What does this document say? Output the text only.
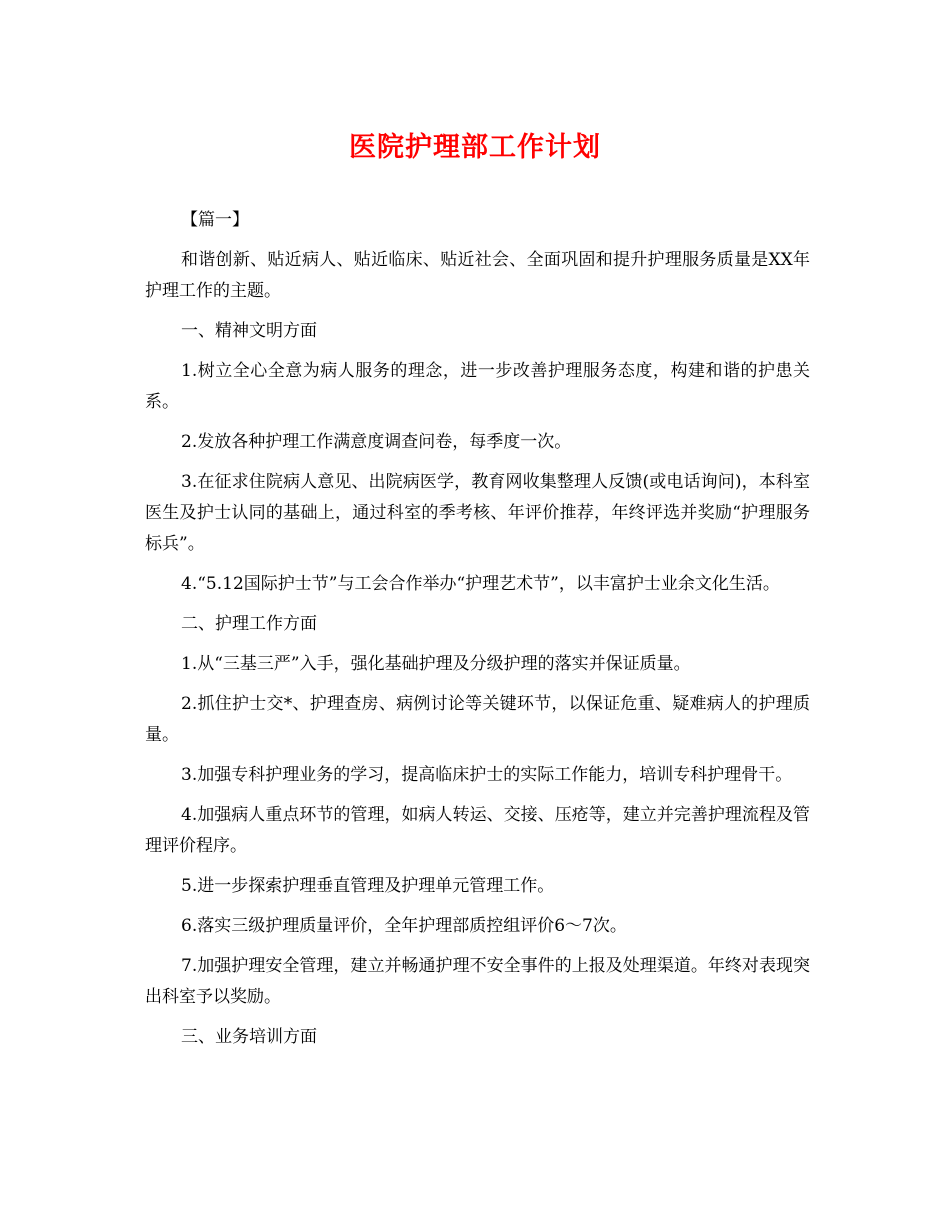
医院护理部工作计划

【篇一】

和谐创新、贴近病人、贴近临床、贴近社会、全面巩固和提升护理服务质量是XX年护理工作的主题。

一、精神文明方面

1.树立全心全意为病人服务的理念，进一步改善护理服务态度，构建和谐的护患关系。

2.发放各种护理工作满意度调查问卷，每季度一次。

3.在征求住院病人意见、出院病医学，教育网收集整理人反馈(或电话询问)，本科室医生及护士认同的基础上，通过科室的季考核、年评价推荐，年终评选并奖励“护理服务标兵”。

4.“5.12国际护士节”与工会合作举办“护理艺术节”，以丰富护士业余文化生活。

二、护理工作方面

1.从“三基三严”入手，强化基础护理及分级护理的落实并保证质量。

2.抓住护士交*、护理查房、病例讨论等关键环节，以保证危重、疑难病人的护理质量。

3.加强专科护理业务的学习，提高临床护士的实际工作能力，培训专科护理骨干。

4.加强病人重点环节的管理，如病人转运、交接、压疮等，建立并完善护理流程及管理评价程序。

5.进一步探索护理垂直管理及护理单元管理工作。

6.落实三级护理质量评价，全年护理部质控组评价6～7次。

7.加强护理安全管理，建立并畅通护理不安全事件的上报及处理渠道。年终对表现突出科室予以奖励。

三、业务培训方面
